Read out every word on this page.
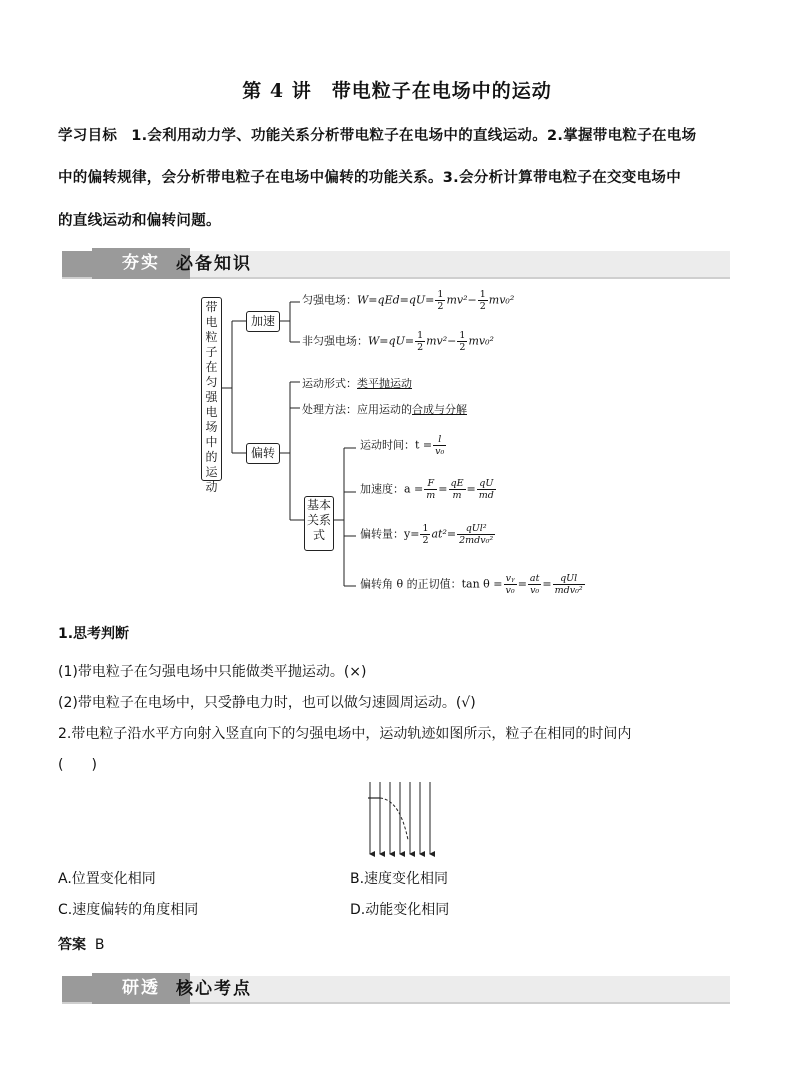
第 4 讲　带电粒子在电场中的运动
学习目标 1.会利用动力学、功能关系分析带电粒子在电场中的直线运动。2.掌握带电粒子在电场
中的偏转规律，会分析带电粒子在电场中偏转的功能关系。3.会分析计算带电粒子在交变电场中
的直线运动和偏转问题。
夯实 必备知识
带电粒子在匀强电场中的运动
加速
匀强电场：$W=qEd=qU= \frac{1}{2} mv^2- \frac{1}{2} mv_0^2$
非匀强电场：$W=qU= \frac{1}{2} mv^2- \frac{1}{2} mv_0^2$
偏转
运动形式：类平抛运动
处理方法：应用运动的合成与分解
基本关系式
运动时间：$t = \frac{l}{\text{v₀}}$
加速度：$a = \frac{F}{m} = \frac{qE}{m} = \frac{qU}{md}$
偏转量：$y= \frac{1}{2} at^2= \frac{\text{qUl²}}{\text{2mdv₀²}}$
偏转角 θ 的正切值：$\tan \theta = \frac{\text{vᵧ}}{\text{v₀}} = \frac{at}{\text{v₀}} = \frac{\text{qUl}}{\text{mdv₀²}}$
1.思考判断
(1)带电粒子在匀强电场中只能做类平抛运动。(×)
(2)带电粒子在电场中，只受静电力时，也可以做匀速圆周运动。(√)
2.带电粒子沿水平方向射入竖直向下的匀强电场中，运动轨迹如图所示，粒子在相同的时间内
(　　)
A.位置变化相同	B.速度变化相同
C.速度偏转的角度相同	D.动能变化相同
答案 B
研透 核心考点
